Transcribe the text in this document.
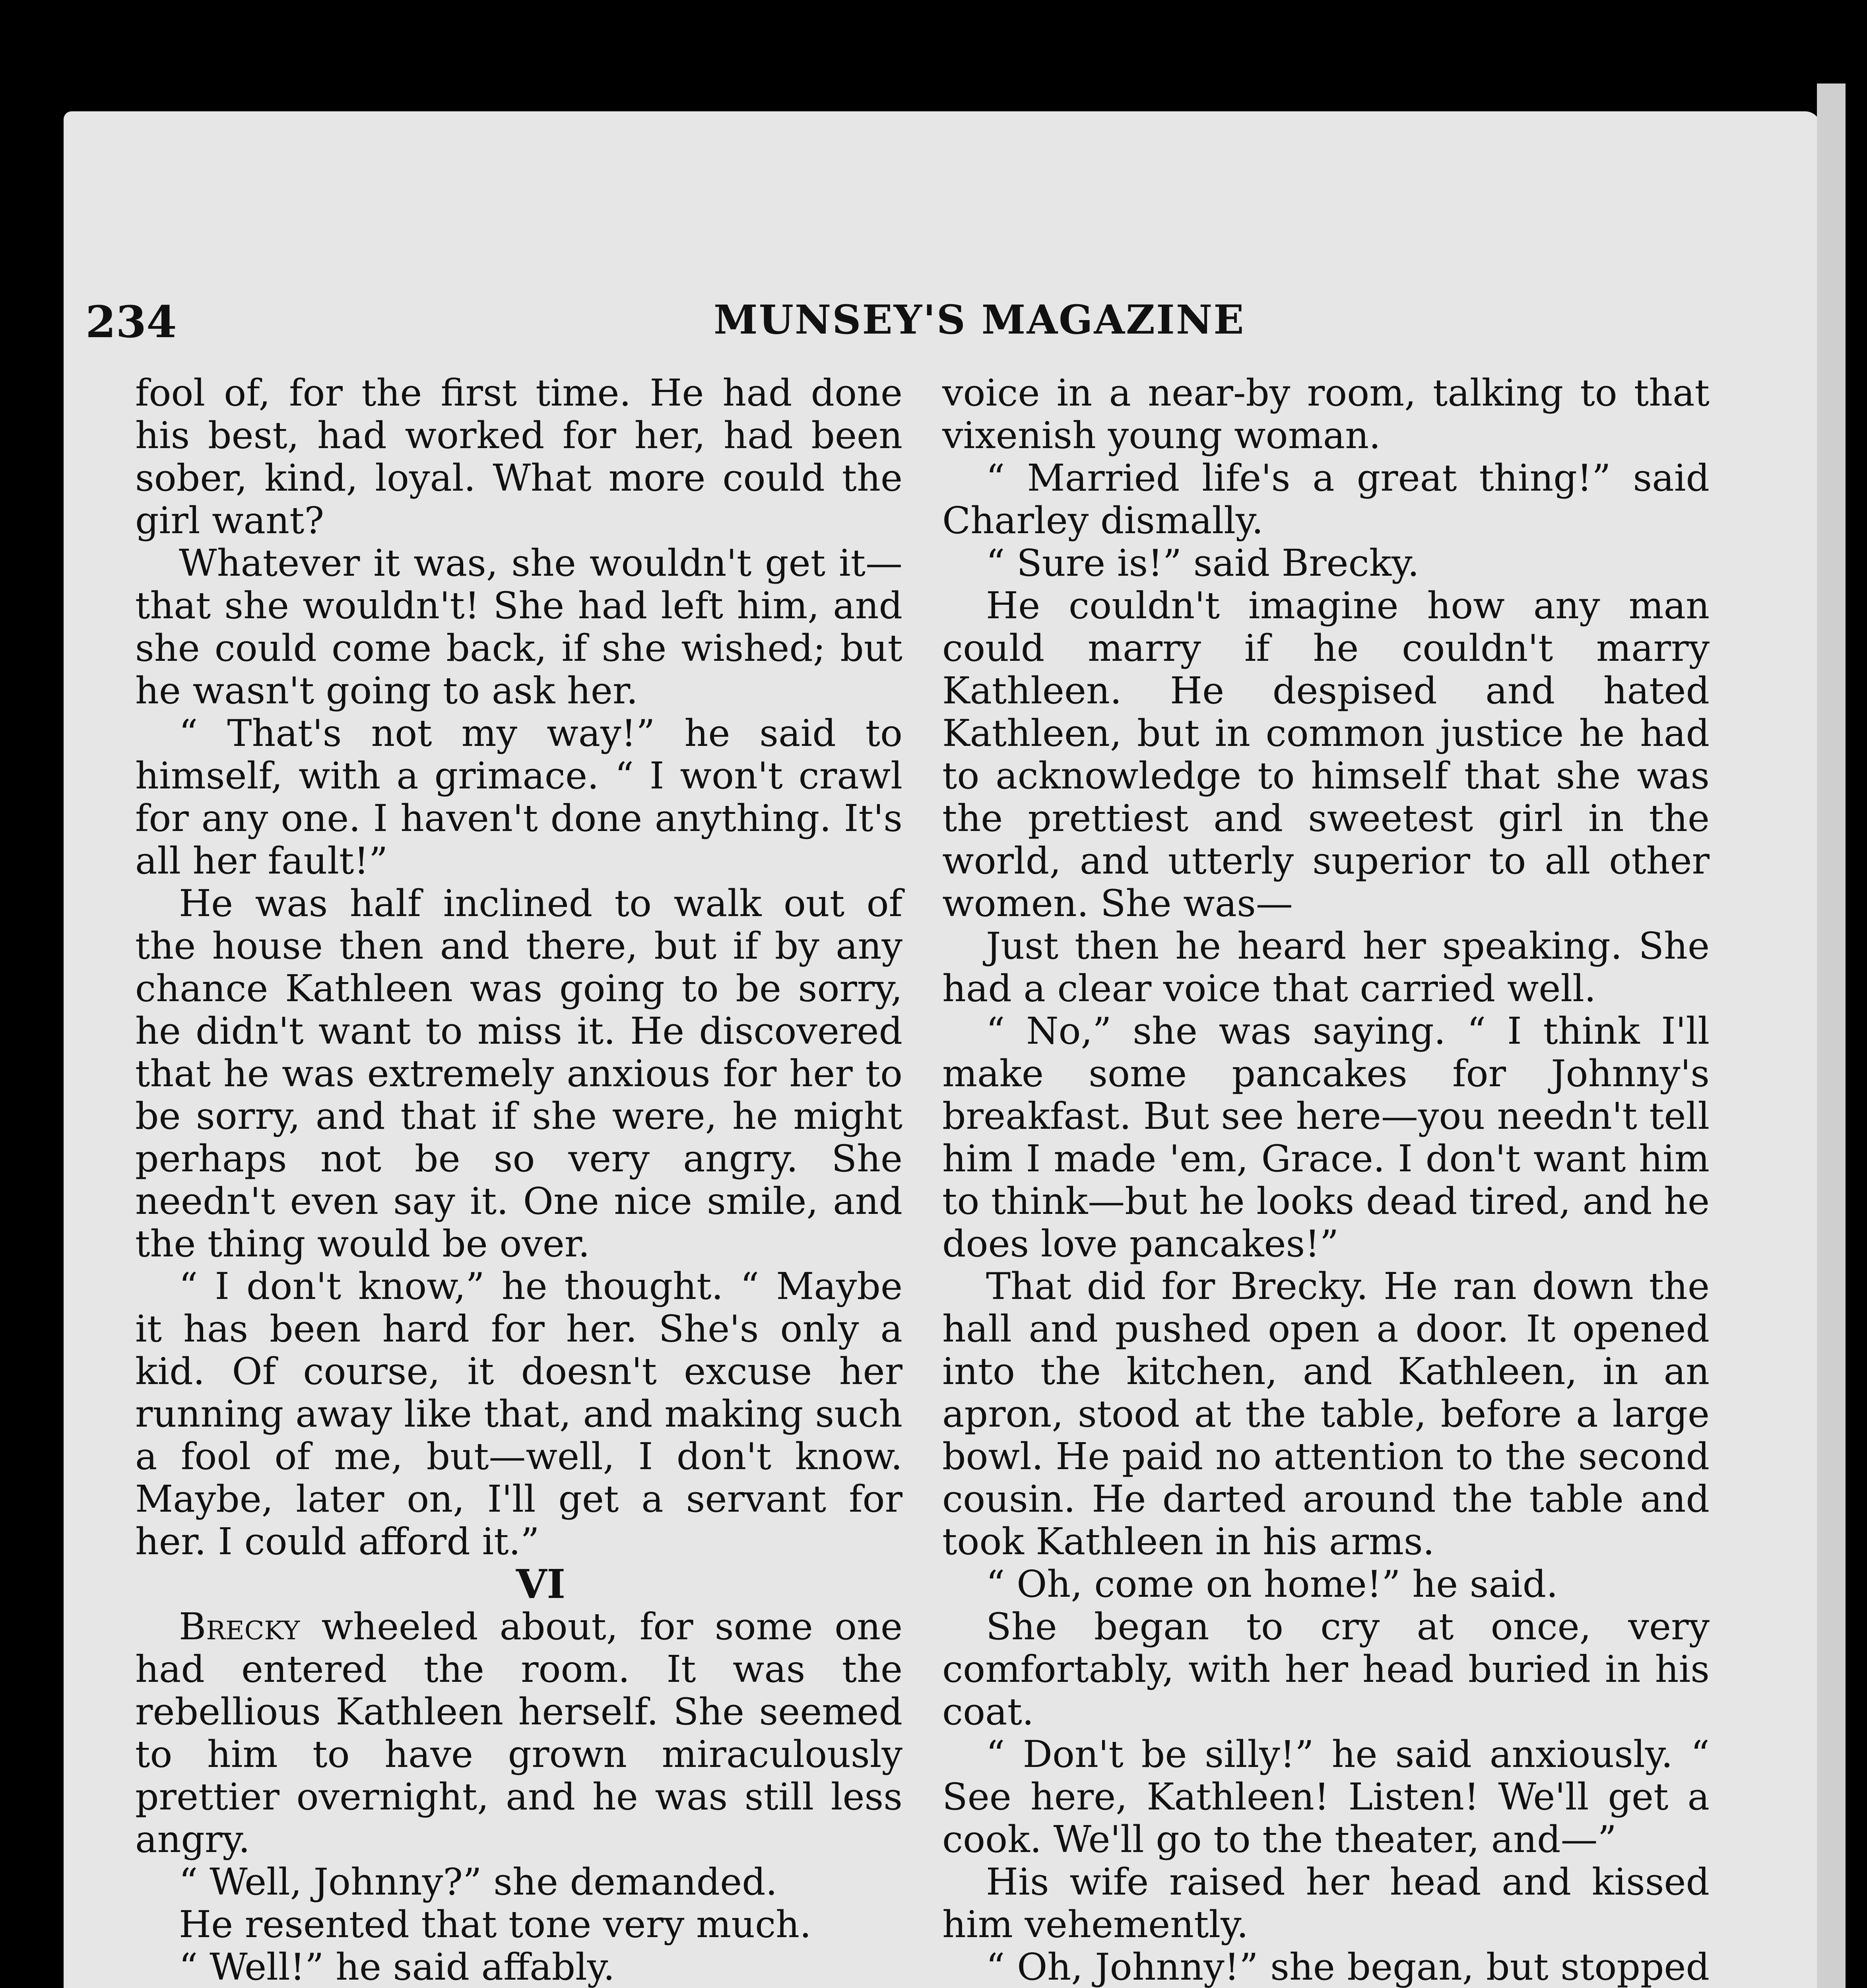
234	MUNSEY'S MAGAZINE

fool of, for the first time. He had done his best, had worked for her, had been sober, kind, loyal. What more could the girl want?

Whatever it was, she wouldn't get it—that she wouldn't! She had left him, and she could come back, if she wished; but he wasn't going to ask her.

“ That's not my way!” he said to himself, with a grimace. “ I won't crawl for any one. I haven't done anything. It's all her fault!”

He was half inclined to walk out of the house then and there, but if by any chance Kathleen was going to be sorry, he didn't want to miss it. He discovered that he was extremely anxious for her to be sorry, and that if she were, he might perhaps not be so very angry. She needn't even say it. One nice smile, and the thing would be over.

“ I don't know,” he thought. “ Maybe it has been hard for her. She's only a kid. Of course, it doesn't excuse her running away like that, and making such a fool of me, but—well, I don't know. Maybe, later on, I'll get a servant for her. I could afford it.”

VI

Brecky wheeled about, for some one had entered the room. It was the rebellious Kathleen herself. She seemed to him to have grown miraculously prettier overnight, and he was still less angry.

“ Well, Johnny?” she demanded.

He resented that tone very much.

“ Well!” he said affably.

voice in a near-by room, talking to that vixenish young woman.

“ Married life's a great thing!” said Charley dismally.

“ Sure is!” said Brecky.

He couldn't imagine how any man could marry if he couldn't marry Kathleen. He despised and hated Kathleen, but in common justice he had to acknowledge to himself that she was the prettiest and sweetest girl in the world, and utterly superior to all other women. She was—

Just then he heard her speaking. She had a clear voice that carried well.

“ No,” she was saying. “ I think I'll make some pancakes for Johnny's breakfast. But see here—you needn't tell him I made 'em, Grace. I don't want him to think—but he looks dead tired, and he does love pancakes!”

That did for Brecky. He ran down the hall and pushed open a door. It opened into the kitchen, and Kathleen, in an apron, stood at the table, before a large bowl. He paid no attention to the second cousin. He darted around the table and took Kathleen in his arms.

“ Oh, come on home!” he said.

She began to cry at once, very comfortably, with her head buried in his coat.

“ Don't be silly!” he said anxiously. “ See here, Kathleen! Listen! We'll get a cook. We'll go to the theater, and—”

His wife raised her head and kissed him vehemently.

“ Oh, Johnny!” she began, but stopped
